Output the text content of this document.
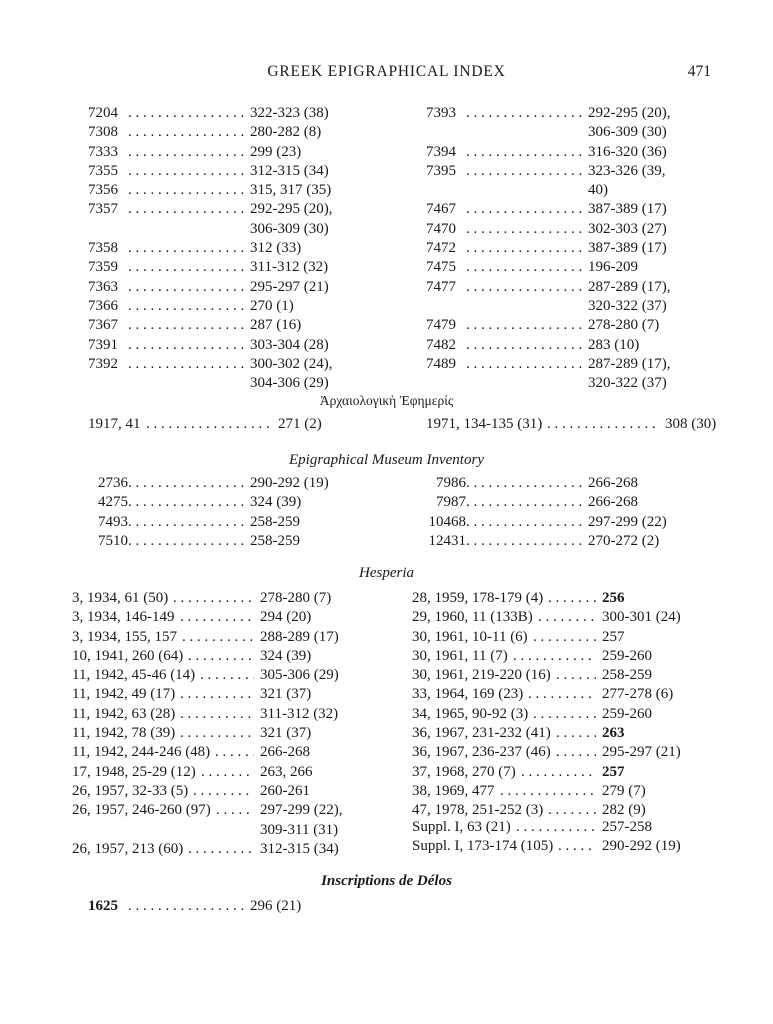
GREEK EPIGRAPHICAL INDEX	471
7204 . . .	322-323 (38)
7308 . . .	280-282 (8)
7333 . . .	299 (23)
7355 . . .	312-315 (34)
7356 . . .	315, 317 (35)
7357 . . .	292-295 (20),
306-309 (30)
7358 . . .	312 (33)
7359 . . .	311-312 (32)
7363 . . .	295-297 (21)
7366 . . .	270 (1)
7367 . . .	287 (16)
7391 . . .	303-304 (28)
7392 . . .	300-302 (24),
304-306 (29)
7393 . . .	292-295 (20),
306-309 (30)
7394 . . .	316-320 (36)
7395 . . .	323-326 (39,
40)
7467 . . .	387-389 (17)
7470 . . .	302-303 (27)
7472 . . .	387-389 (17)
7475 . . .	196-209
7477 . . .	287-289 (17),
320-322 (37)
7479 . . .	278-280 (7)
7482 . . .	283 (10)
7489 . . .	287-289 (17),
320-322 (37)
Ἀρχαιολογικὴ Ἐφημερίς
1917, 41 . . .	271 (2)	1971, 134-135 (31) . . .	308 (30)
Epigraphical Museum Inventory
2736 . . .	290-292 (19)
4275 . . .	324 (39)
7493 . . .	258-259
7510 . . .	258-259
7986 . . .	266-268
7987 . . .	266-268
10468 . . .	297-299 (22)
12431 . . .	270-272 (2)
Hesperia
3, 1934, 61 (50)	278-280 (7)
. . .
3, 1934, 146-149	294 (20)
. . .
3, 1934, 155, 157	288-289 (17)
. . .
10, 1941, 260 (64)	324 (39)
. . .
11, 1942, 45-46 (14)	305-306 (29)
. . .
11, 1942, 49 (17)	321 (37)
. . .
11, 1942, 63 (28)	311-312 (32)
. . .
11, 1942, 78 (39)	321 (37)
. . .
11, 1942, 244-246 (48)	266-268
. . .
17, 1948, 25-29 (12)	263, 266
. . .
26, 1957, 32-33 (5)	260-261
. . .
26, 1957, 246-260 (97)	297-299 (22),
. . .
309-311 (31)
26, 1957, 213 (60)	312-315 (34)
. . .
28, 1959, 178-179 (4)	256
. . .
29, 1960, 11 (133B)	300-301 (24)
. . .
30, 1961, 10-11 (6)	257
. . .
30, 1961, 11 (7)	259-260
. . .
30, 1961, 219-220 (16)	258-259
. . .
33, 1964, 169 (23)	277-278 (6)
. . .
34, 1965, 90-92 (3)	259-260
. . .
36, 1967, 231-232 (41)	263
. . .
36, 1967, 236-237 (46)	295-297 (21)
. . .
37, 1968, 270 (7)	257
. . .
38, 1969, 477	279 (7)
. . .
47, 1978, 251-252 (3)	282 (9)
. . .
Suppl. I, 63 (21)	257-258
. . .
Suppl. I, 173-174 (105)	290-292 (19)
. . .
Inscriptions de Délos
1625 . . .	296 (21)
